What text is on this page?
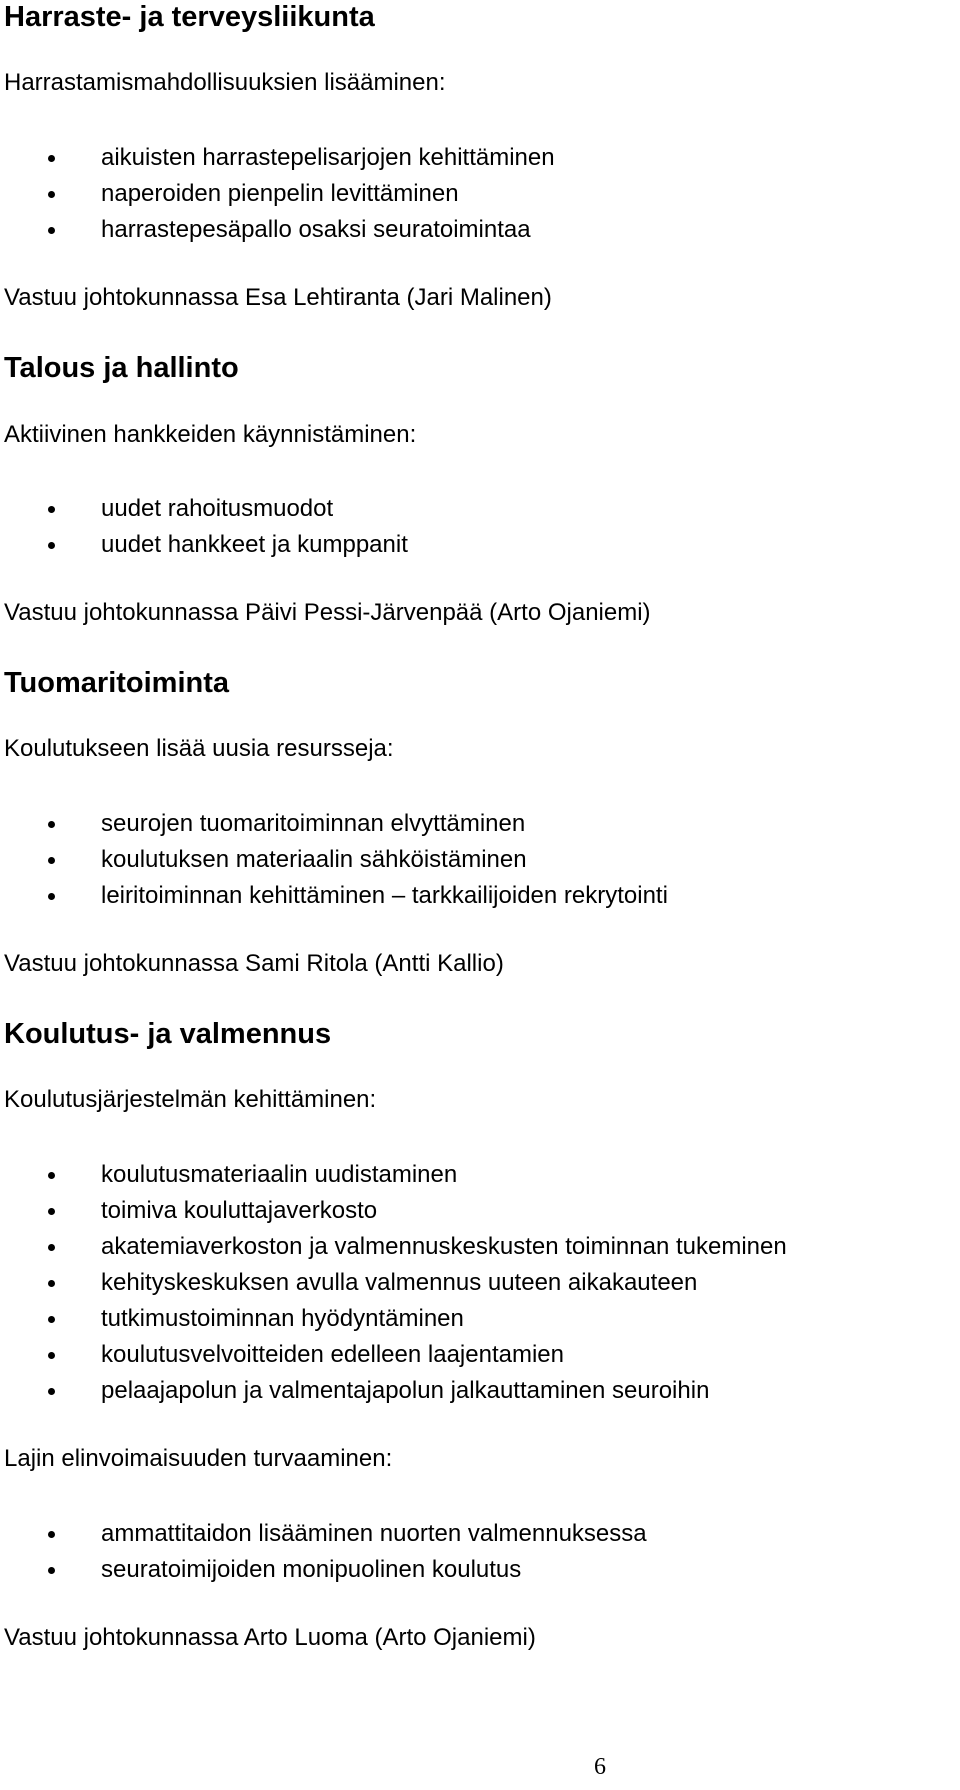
Harraste- ja terveysliikunta
Harrastamismahdollisuuksien lisääminen:
aikuisten harrastepelisarjojen kehittäminen
naperoiden pienpelin levittäminen
harrastepesäpallo osaksi seuratoimintaa
Vastuu johtokunnassa Esa Lehtiranta (Jari Malinen)
Talous ja hallinto
Aktiivinen hankkeiden käynnistäminen:
uudet rahoitusmuodot
uudet hankkeet ja kumppanit
Vastuu johtokunnassa Päivi Pessi-Järvenpää (Arto Ojaniemi)
Tuomaritoiminta
Koulutukseen lisää uusia resursseja:
seurojen tuomaritoiminnan elvyttäminen
koulutuksen materiaalin sähköistäminen
leiritoiminnan kehittäminen – tarkkailijoiden rekrytointi
Vastuu johtokunnassa Sami Ritola (Antti Kallio)
Koulutus- ja valmennus
Koulutusjärjestelmän kehittäminen:
koulutusmateriaalin uudistaminen
toimiva kouluttajaverkosto
akatemiaverkoston ja valmennuskeskusten toiminnan tukeminen
kehityskeskuksen avulla valmennus uuteen aikakauteen
tutkimustoiminnan hyödyntäminen
koulutusvelvoitteiden edelleen laajentamien
pelaajapolun ja valmentajapolun jalkauttaminen seuroihin
Lajin elinvoimaisuuden turvaaminen:
ammattitaidon lisääminen nuorten valmennuksessa
seuratoimijoiden monipuolinen koulutus
Vastuu johtokunnassa Arto Luoma (Arto Ojaniemi)
6
